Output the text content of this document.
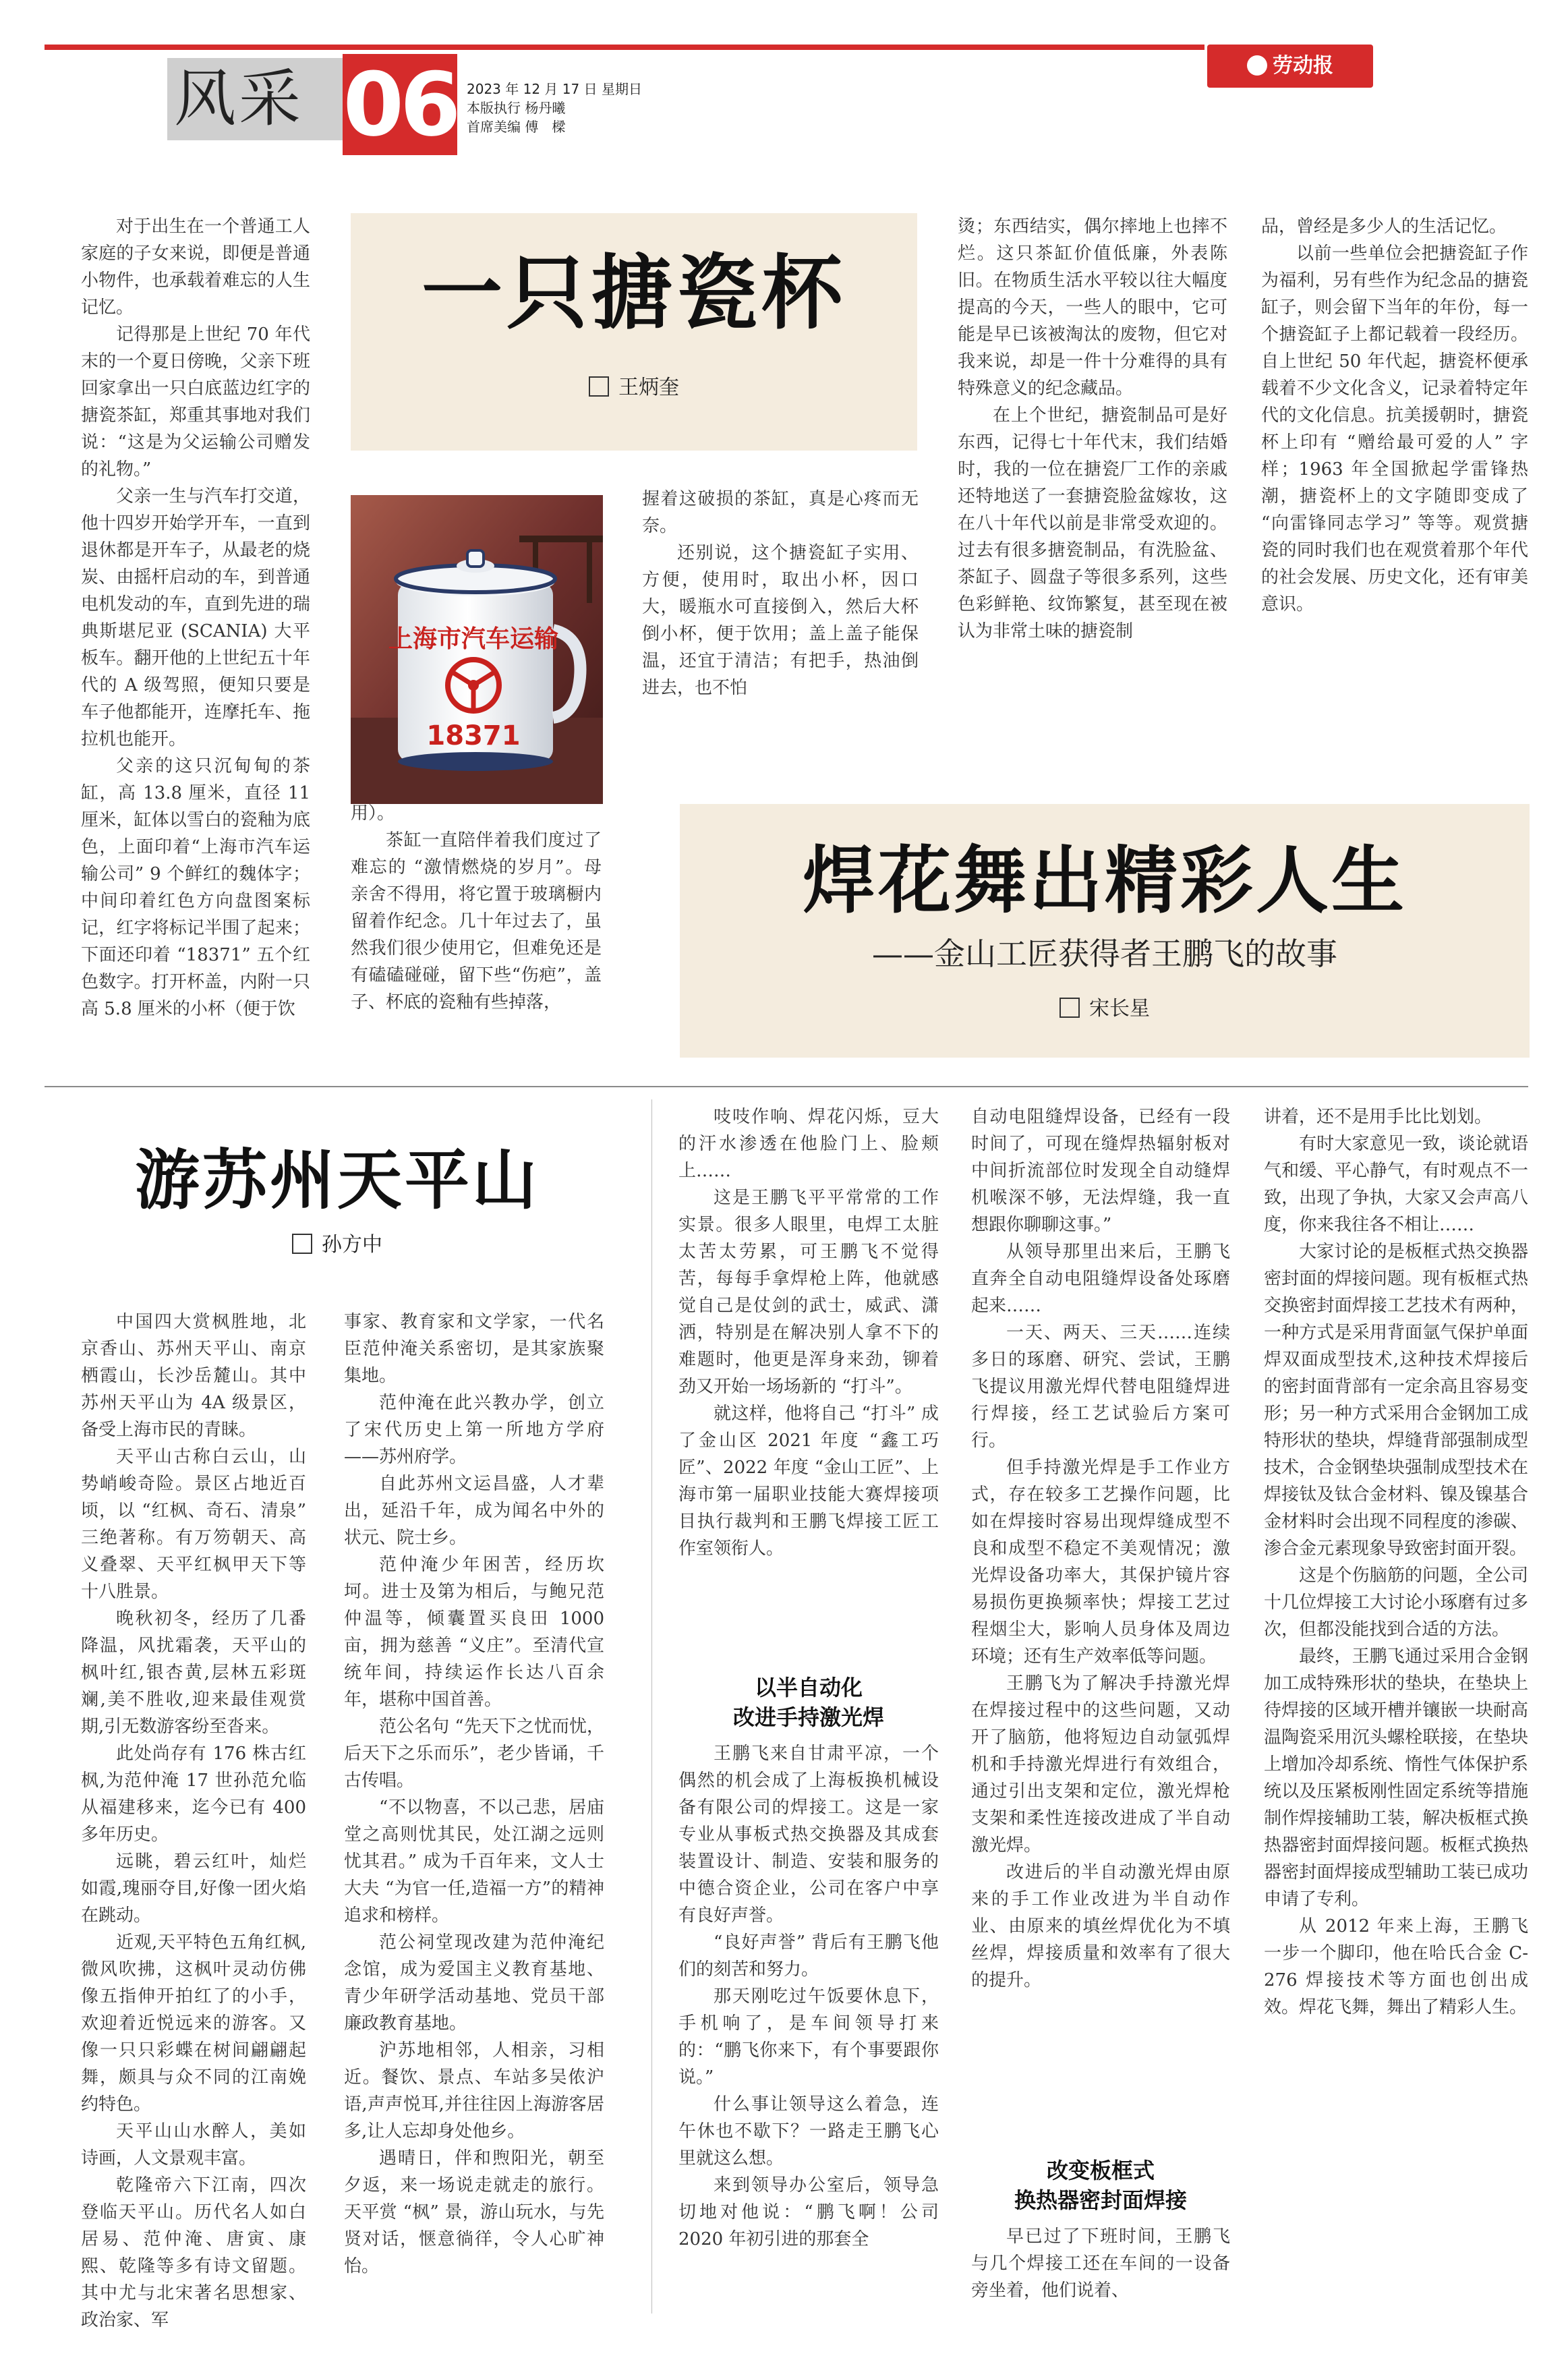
风采 06 2023 年 12 月 17 日 星期日
本版执行 杨丹曦
首席美编 傅　樑
劳动报
一只搪瓷杯
王炳奎
上海市汽车运输
18371

对于出生在一个普通工人家庭的子女来说，即便是普通小物件，也承载着难忘的人生记忆。

记得那是上世纪 70 年代末的一个夏日傍晚，父亲下班回家拿出一只白底蓝边红字的搪瓷茶缸，郑重其事地对我们说：“这是为父运输公司赠发的礼物。”

父亲一生与汽车打交道，他十四岁开始学开车，一直到退休都是开车子，从最老的烧炭、由摇杆启动的车，到普通电机发动的车，直到先进的瑞典斯堪尼亚 (SCANIA) 大平板车。翻开他的上世纪五十年代的 A 级驾照，便知只要是车子他都能开，连摩托车、拖拉机也能开。

父亲的这只沉甸甸的茶缸，高 13.8 厘米，直径 11 厘米，缸体以雪白的瓷釉为底色，上面印着“上海市汽车运输公司” 9 个鲜红的魏体字；中间印着红色方向盘图案标记，红字将标记半围了起来；下面还印着 “18371” 五个红色数字。打开杯盖，内附一只高 5.8 厘米的小杯（便于饮

用）。

茶缸一直陪伴着我们度过了难忘的 “激情燃烧的岁月”。母亲舍不得用，将它置于玻璃橱内留着作纪念。几十年过去了，虽然我们很少使用它，但难免还是有磕磕碰碰，留下些“伤疤”，盖子、杯底的瓷釉有些掉落，

握着这破损的茶缸，真是心疼而无奈。

还别说，这个搪瓷缸子实用、方便，使用时，取出小杯，因口大，暖瓶水可直接倒入，然后大杯倒小杯，便于饮用；盖上盖子能保温，还宜于清洁；有把手，热油倒进去，也不怕

烫；东西结实，偶尔摔地上也摔不烂。这只茶缸价值低廉，外表陈旧。在物质生活水平较以往大幅度提高的今天，一些人的眼中，它可能是早已该被淘汰的废物，但它对我来说，却是一件十分难得的具有特殊意义的纪念藏品。

在上个世纪，搪瓷制品可是好东西，记得七十年代末，我们结婚时，我的一位在搪瓷厂工作的亲戚还特地送了一套搪瓷脸盆嫁妆，这在八十年代以前是非常受欢迎的。过去有很多搪瓷制品，有洗脸盆、茶缸子、圆盘子等很多系列，这些色彩鲜艳、纹饰繁复，甚至现在被认为非常土味的搪瓷制

品，曾经是多少人的生活记忆。

以前一些单位会把搪瓷缸子作为福利，另有些作为纪念品的搪瓷缸子，则会留下当年的年份，每一个搪瓷缸子上都记载着一段经历。自上世纪 50 年代起，搪瓷杯便承载着不少文化含义，记录着特定年代的文化信息。抗美援朝时，搪瓷杯上印有 “赠给最可爱的人” 字样；1963 年全国掀起学雷锋热潮，搪瓷杯上的文字随即变成了 “向雷锋同志学习” 等等。观赏搪瓷的同时我们也在观赏着那个年代的社会发展、历史文化，还有审美意识。

焊花舞出精彩人生
——金山工匠获得者王鹏飞的故事
宋长星

吱吱作响、焊花闪烁，豆大的汗水渗透在他脸门上、脸颊上……

这是王鹏飞平平常常的工作实景。很多人眼里，电焊工太脏太苦太劳累，可王鹏飞不觉得苦，每每手拿焊枪上阵，他就感觉自己是仗剑的武士，威武、潇洒，特别是在解决别人拿不下的难题时，他更是浑身来劲，铆着劲又开始一场场新的 “打斗”。

就这样，他将自己 “打斗” 成了金山区 2021 年度 “鑫工巧匠”、2022 年度 “金山工匠”、上海市第一届职业技能大赛焊接项目执行裁判和王鹏飞焊接工匠工作室领衔人。

以半自动化
改进手持激光焊

王鹏飞来自甘肃平凉，一个偶然的机会成了上海板换机械设备有限公司的焊接工。这是一家专业从事板式热交换器及其成套装置设计、制造、安装和服务的中德合资企业，公司在客户中享有良好声誉。

“良好声誉” 背后有王鹏飞他们的刻苦和努力。

那天刚吃过午饭要休息下，手机响了，是车间领导打来的：“鹏飞你来下，有个事要跟你说。”

什么事让领导这么着急，连午休也不歇下？一路走王鹏飞心里就这么想。

来到领导办公室后，领导急切地对他说：“鹏飞啊！公司 2020 年初引进的那套全

自动电阻缝焊设备，已经有一段时间了，可现在缝焊热辐射板对中间折流部位时发现全自动缝焊机喉深不够，无法焊缝，我一直想跟你聊聊这事。”

从领导那里出来后，王鹏飞直奔全自动电阻缝焊设备处琢磨起来……

一天、两天、三天……连续多日的琢磨、研究、尝试，王鹏飞提议用激光焊代替电阻缝焊进行焊接，经工艺试验后方案可行。

但手持激光焊是手工作业方式，存在较多工艺操作问题，比如在焊接时容易出现焊缝成型不良和成型不稳定不美观情况；激光焊设备功率大，其保护镜片容易损伤更换频率快；焊接工艺过程烟尘大，影响人员身体及周边环境；还有生产效率低等问题。

王鹏飞为了解决手持激光焊在焊接过程中的这些问题，又动开了脑筋，他将短边自动氩弧焊机和手持激光焊进行有效组合，通过引出支架和定位，激光焊枪支架和柔性连接改进成了半自动激光焊。

改进后的半自动激光焊由原来的手工作业改进为半自动作业、由原来的填丝焊优化为不填丝焊，焊接质量和效率有了很大的提升。

改变板框式
换热器密封面焊接

早已过了下班时间，王鹏飞与几个焊接工还在车间的一设备旁坐着，他们说着、

讲着，还不是用手比比划划。

有时大家意见一致，谈论就语气和缓、平心静气，有时观点不一致，出现了争执，大家又会声高八度，你来我往各不相让……

大家讨论的是板框式热交换器密封面的焊接问题。现有板框式热交换密封面焊接工艺技术有两种，一种方式是采用背面氩气保护单面焊双面成型技术,这种技术焊接后的密封面背部有一定余高且容易变形；另一种方式采用合金钢加工成特形状的垫块，焊缝背部强制成型技术，合金钢垫块强制成型技术在焊接钛及钛合金材料、镍及镍基合金材料时会出现不同程度的渗碳、渗合金元素现象导致密封面开裂。

这是个伤脑筋的问题，全公司十几位焊接工大讨论小琢磨有过多次，但都没能找到合适的方法。

最终，王鹏飞通过采用合金钢加工成特殊形状的垫块，在垫块上待焊接的区域开槽并镶嵌一块耐高温陶瓷采用沉头螺栓联接，在垫块上增加冷却系统、惰性气体保护系统以及压紧板刚性固定系统等措施制作焊接辅助工装，解决板框式换热器密封面焊接问题。板框式换热器密封面焊接成型辅助工装已成功申请了专利。

从 2012 年来上海，王鹏飞一步一个脚印，他在哈氏合金 C-276 焊接技术等方面也创出成效。焊花飞舞，舞出了精彩人生。

游苏州天平山
孙方中

中国四大赏枫胜地，北京香山、苏州天平山、南京栖霞山，长沙岳麓山。其中苏州天平山为 4A 级景区，备受上海市民的青睐。

天平山古称白云山，山势峭峻奇险。景区占地近百顷，以 “红枫、奇石、清泉” 三绝著称。有万笏朝天、高义叠翠、天平红枫甲天下等十八胜景。

晚秋初冬，经历了几番降温，风扰霜袭，天平山的枫叶红,银杏黄,层林五彩斑斓,美不胜收,迎来最佳观赏期,引无数游客纷至沓来。

此处尚存有 176 株古红枫,为范仲淹 17 世孙范允临从福建移来，迄今已有 400 多年历史。

远眺，碧云红叶，灿烂如霞,瑰丽夺目,好像一团火焰在跳动。

近观,天平特色五角红枫,微风吹拂，这枫叶灵动仿佛像五指伸开拍红了的小手，欢迎着近悦远来的游客。又像一只只彩蝶在树间翩翩起舞，颇具与众不同的江南娩约特色。

天平山山水醉人，美如诗画，人文景观丰富。

乾隆帝六下江南，四次登临天平山。历代名人如白居易、范仲淹、唐寅、康熙、乾隆等多有诗文留题。其中尤与北宋著名思想家、政治家、军

事家、教育家和文学家，一代名臣范仲淹关系密切，是其家族聚集地。

范仲淹在此兴教办学，创立了宋代历史上第一所地方学府——苏州府学。

自此苏州文运昌盛，人才辈出，延沿千年，成为闻名中外的状元、院士乡。

范仲淹少年困苦，经历坎坷。进士及第为相后，与鲍兄范仲温等，倾囊置买良田 1000 亩，拥为慈善 “义庄”。至清代宣统年间，持续运作长达八百余年，堪称中国首善。

范公名句 “先天下之忧而忧，后天下之乐而乐”，老少皆诵，千古传唱。

“不以物喜，不以己悲，居庙堂之高则忧其民，处江湖之远则忧其君。” 成为千百年来，文人士大夫 “为官一任,造福一方”的精神追求和榜样。

范公祠堂现改建为范仲淹纪念馆，成为爱国主义教育基地、青少年研学活动基地、党员干部廉政教育基地。

沪苏地相邻，人相亲，习相近。餐饮、景点、车站多吴侬沪语,声声悦耳,并往往因上海游客居多,让人忘却身处他乡。

遇晴日，伴和煦阳光，朝至夕返，来一场说走就走的旅行。天平赏 “枫” 景，游山玩水，与先贤对话，惬意徜徉，令人心旷神怡。
